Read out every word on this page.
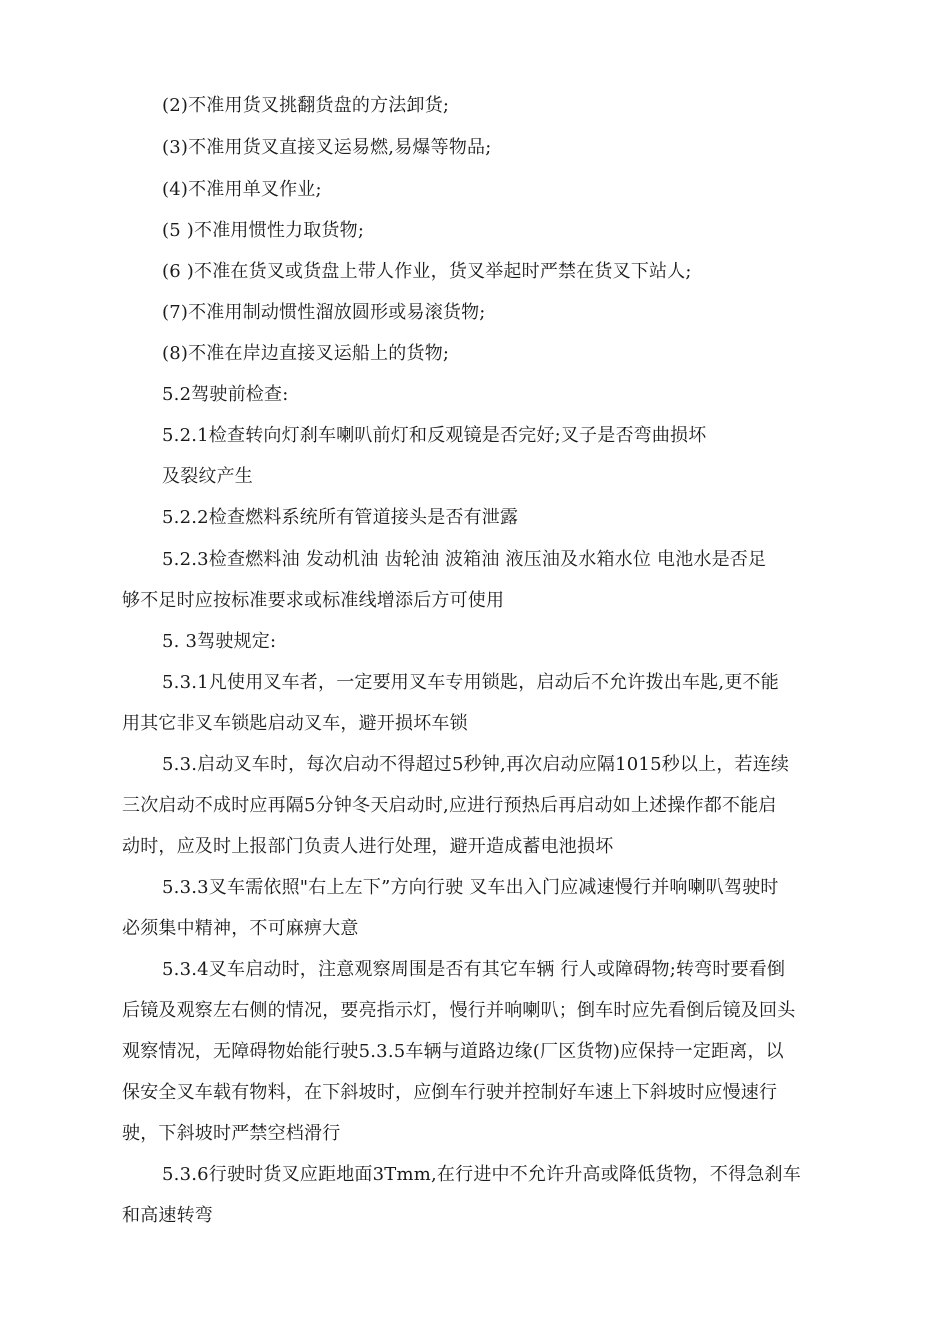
(2)不准用货叉挑翻货盘的方法卸货;
(3)不准用货叉直接叉运易燃,易爆等物品;
(4)不准用单叉作业;
(5 )不准用惯性力取货物;
(6 )不准在货叉或货盘上带人作业，货叉举起时严禁在货叉下站人;
(7)不准用制动惯性溜放圆形或易滚货物;
(8)不准在岸边直接叉运船上的货物;
5.2驾驶前检查:
5.2.1检查转向灯刹车喇叭前灯和反观镜是否完好;叉子是否弯曲损坏
及裂纹产生
5.2.2检查燃料系统所有管道接头是否有泄露
5.2.3检查燃料油 发动机油 齿轮油 波箱油 液压油及水箱水位 电池水是否足
够不足时应按标准要求或标准线增添后方可使用
5. 3驾驶规定:
5.3.1凡使用叉车者，一定要用叉车专用锁匙，启动后不允许拨出车匙,更不能
用其它非叉车锁匙启动叉车，避开损坏车锁
5.3.启动叉车时，每次启动不得超过5秒钟,再次启动应隔1015秒以上，若连续
三次启动不成时应再隔5分钟冬天启动时,应进行预热后再启动如上述操作都不能启
动时，应及时上报部门负责人进行处理，避开造成蓄电池损坏
5.3.3叉车需依照"右上左下”方向行驶 叉车出入门应减速慢行并响喇叭驾驶时
必须集中精神，不可麻痹大意
5.3.4叉车启动时，注意观察周围是否有其它车辆 行人或障碍物;转弯时要看倒
后镜及观察左右侧的情况，要亮指示灯，慢行并响喇叭；倒车时应先看倒后镜及回头
观察情况，无障碍物始能行驶5.3.5车辆与道路边缘(厂区货物)应保持一定距离，以
保安全叉车载有物料，在下斜坡时，应倒车行驶并控制好车速上下斜坡时应慢速行
驶，下斜坡时严禁空档滑行
5.3.6行驶时货叉应距地面3Tmm,在行进中不允许升高或降低货物，不得急刹车
和高速转弯
